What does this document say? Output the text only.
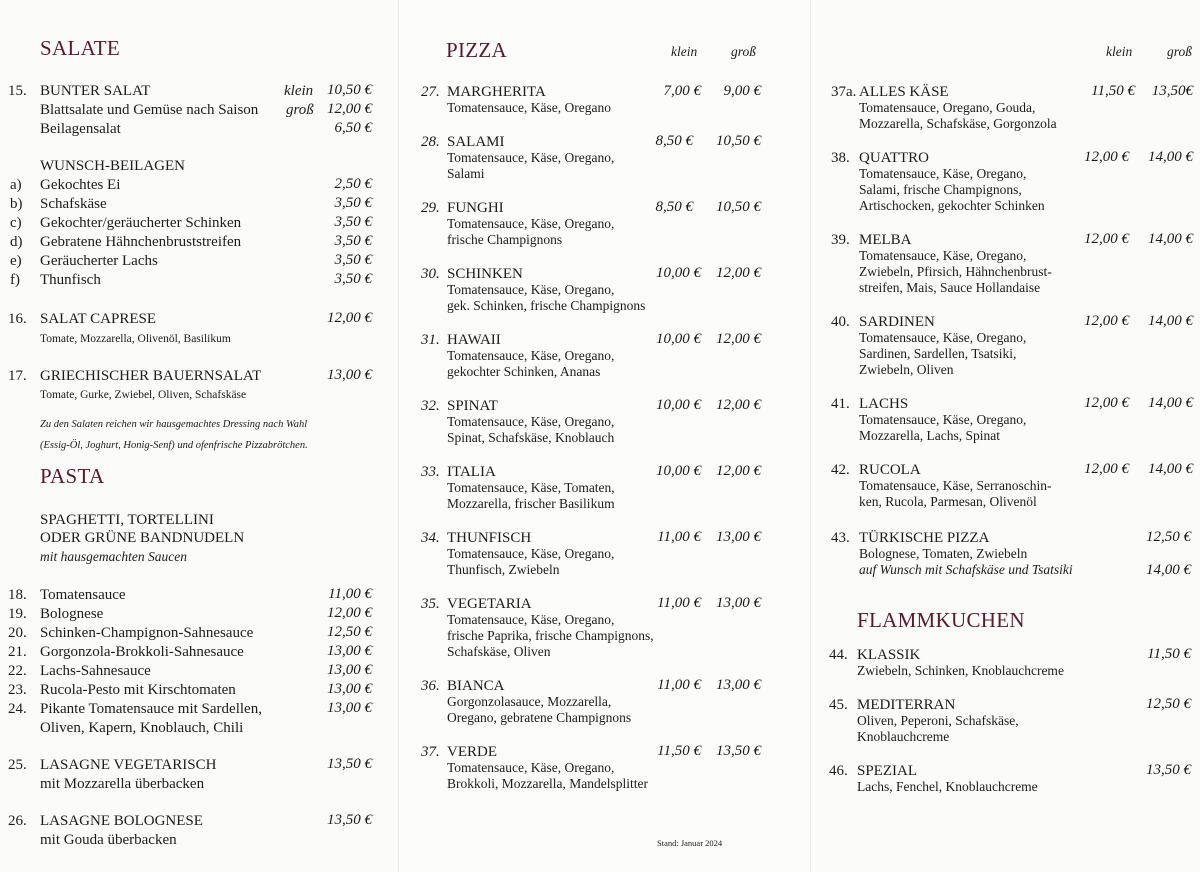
SALATE
15. BUNTER SALAT	klein 10,50 €
Blattsalate und Gemüse nach Saison groß 12,00 €
Beilagensalat	6,50 €
WUNSCH-BEILAGEN
a) Gekochtes Ei	2,50 €
b) Schafskäse	3,50 €
c) Gekochter/geräucherter Schinken	3,50 €
d) Gebratene Hähnchenbruststreifen	3,50 €
e) Geräucherter Lachs	3,50 €
f) Thunfisch	3,50 €
16. SALAT CAPRESE	12,00 €
Tomate, Mozzarella, Olivenöl, Basilikum
17. GRIECHISCHER BAUERNSALAT	13,00 €
Tomate, Gurke, Zwiebel, Oliven, Schafskäse
Zu den Salaten reichen wir hausgemachtes Dressing nach Wahl
(Essig-Öl, Joghurt, Honig-Senf) und ofenfrische Pizzabrötchen.
PASTA
SPAGHETTI, TORTELLINI
ODER GRÜNE BANDNUDELN
mit hausgemachten Saucen
18. Tomatensauce	11,00 €
19. Bolognese	12,00 €
20. Schinken-Champignon-Sahnesauce	12,50 €
21. Gorgonzola-Brokkoli-Sahnesauce	13,00 €
22. Lachs-Sahnesauce	13,00 €
23. Rucola-Pesto mit Kirschtomaten	13,00 €
24. Pikante Tomatensauce mit Sardellen,	13,00 €
Oliven, Kapern, Knoblauch, Chili
25. LASAGNE VEGETARISCH	13,50 €
mit Mozzarella überbacken
26. LASAGNE BOLOGNESE	13,50 €
mit Gouda überbacken
PIZZA	klein	groß
27. MARGHERITA	7,00 € 9,00 €
Tomatensauce, Käse, Oregano
28. SALAMI	8,50 € 10,50 €
Tomatensauce, Käse, Oregano,
Salami
29. FUNGHI	8,50 € 10,50 €
Tomatensauce, Käse, Oregano,
frische Champignons
30. SCHINKEN	10,00 € 12,00 €
Tomatensauce, Käse, Oregano,
gek. Schinken, frische Champignons
31. HAWAII	10,00 € 12,00 €
Tomatensauce, Käse, Oregano,
gekochter Schinken, Ananas
32. SPINAT	10,00 € 12,00 €
Tomatensauce, Käse, Oregano,
Spinat, Schafskäse, Knoblauch
33. ITALIA	10,00 € 12,00 €
Tomatensauce, Käse, Tomaten,
Mozzarella, frischer Basilikum
34. THUNFISCH	11,00 € 13,00 €
Tomatensauce, Käse, Oregano,
Thunfisch, Zwiebeln
35. VEGETARIA	11,00 € 13,00 €
Tomatensauce, Käse, Oregano,
frische Paprika, frische Champignons,
Schafskäse, Oliven
36. BIANCA	11,00 € 13,00 €
Gorgonzolasauce, Mozzarella,
Oregano, gebratene Champignons
37. VERDE	11,50 € 13,50 €
Tomatensauce, Käse, Oregano,
Brokkoli, Mozzarella, Mandelsplitter
Stand: Januar 2024
klein	groß
37a. ALLES KÄSE	11,50 € 13,50€
Tomatensauce, Oregano, Gouda,
Mozzarella, Schafskäse, Gorgonzola
38. QUATTRO	12,00 € 14,00 €
Tomatensauce, Käse, Oregano,
Salami, frische Champignons,
Artischocken, gekochter Schinken
39. MELBA	12,00 € 14,00 €
Tomatensauce, Käse, Oregano,
Zwiebeln, Pfirsich, Hähnchenbrust-
streifen, Mais, Sauce Hollandaise
40. SARDINEN	12,00 € 14,00 €
Tomatensauce, Käse, Oregano,
Sardinen, Sardellen, Tsatsiki,
Zwiebeln, Oliven
41. LACHS	12,00 € 14,00 €
Tomatensauce, Käse, Oregano,
Mozzarella, Lachs, Spinat
42. RUCOLA	12,00 € 14,00 €
Tomatensauce, Käse, Serranoschin-
ken, Rucola, Parmesan, Olivenöl
43. TÜRKISCHE PIZZA	12,50 €
Bolognese, Tomaten, Zwiebeln
auf Wunsch mit Schafskäse und Tsatsiki	14,00 €
FLAMMKUCHEN
44. KLASSIK	11,50 €
Zwiebeln, Schinken, Knoblauchcreme
45. MEDITERRAN	12,50 €
Oliven, Peperoni, Schafskäse,
Knoblauchcreme
46. SPEZIAL	13,50 €
Lachs, Fenchel, Knoblauchcreme
